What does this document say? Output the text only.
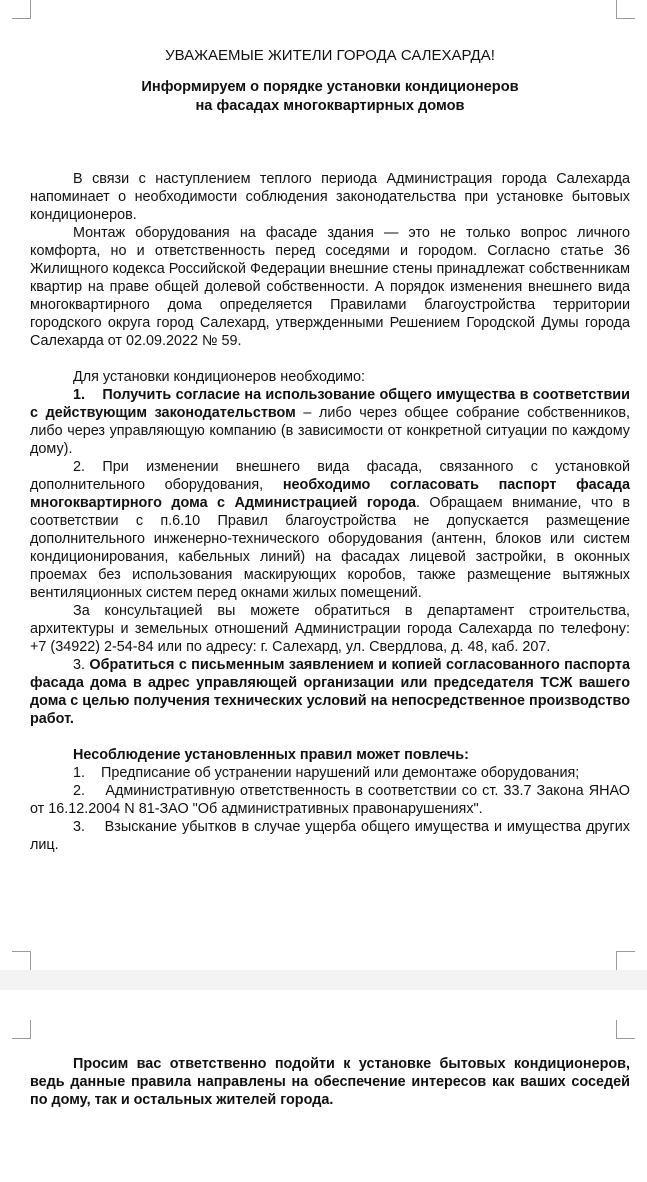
УВАЖАЕМЫЕ ЖИТЕЛИ ГОРОДА САЛЕХАРДА!

Информируем о порядке установки кондиционеров
на фасадах многоквартирных домов

В связи с наступлением теплого периода Администрация города Салехарда напоминает о необходимости соблюдения законодательства при установке бытовых кондиционеров.

Монтаж оборудования на фасаде здания — это не только вопрос личного комфорта, но и ответственность перед соседями и городом. Согласно статье 36 Жилищного кодекса Российской Федерации внешние стены принадлежат собственникам квартир на праве общей долевой собственности. А порядок изменения внешнего вида многоквартирного дома определяется Правилами благоустройства территории городского округа город Салехард, утвержденными Решением Городской Думы города Салехарда от 02.09.2022 № 59.

Для установки кондиционеров необходимо:

1. Получить согласие на использование общего имущества в соответствии с действующим законодательством – либо через общее собрание собственников, либо через управляющую компанию (в зависимости от конкретной ситуации по каждому дому).

2. При изменении внешнего вида фасада, связанного с установкой дополнительного оборудования, необходимо согласовать паспорт фасада многоквартирного дома с Администрацией города. Обращаем внимание, что в соответствии с п.6.10 Правил благоустройства не допускается размещение дополнительного инженерно-технического оборудования (антенн, блоков или систем кондиционирования, кабельных линий) на фасадах лицевой застройки, в оконных проемах без использования маскирующих коробов, также размещение вытяжных вентиляционных систем перед окнами жилых помещений.

За консультацией вы можете обратиться в департамент строительства, архитектуры и земельных отношений Администрации города Салехарда по телефону: +7 (34922) 2-54-84 или по адресу: г. Салехард, ул. Свердлова, д. 48, каб. 207.

3. Обратиться с письменным заявлением и копией согласованного паспорта фасада дома в адрес управляющей организации или председателя ТСЖ вашего дома с целью получения технических условий на непосредственное производство работ.

Несоблюдение установленных правил может повлечь:

1.    Предписание об устранении нарушений или демонтаже оборудования;

2.    Административную ответственность в соответствии со ст. 33.7 Закона ЯНАО от 16.12.2004 N 81-ЗАО "Об административных правонарушениях".

3.    Взыскание убытков в случае ущерба общего имущества и имущества других лиц.

Просим вас ответственно подойти к установке бытовых кондиционеров, ведь данные правила направлены на обеспечение интересов как ваших соседей по дому, так и остальных жителей города.
